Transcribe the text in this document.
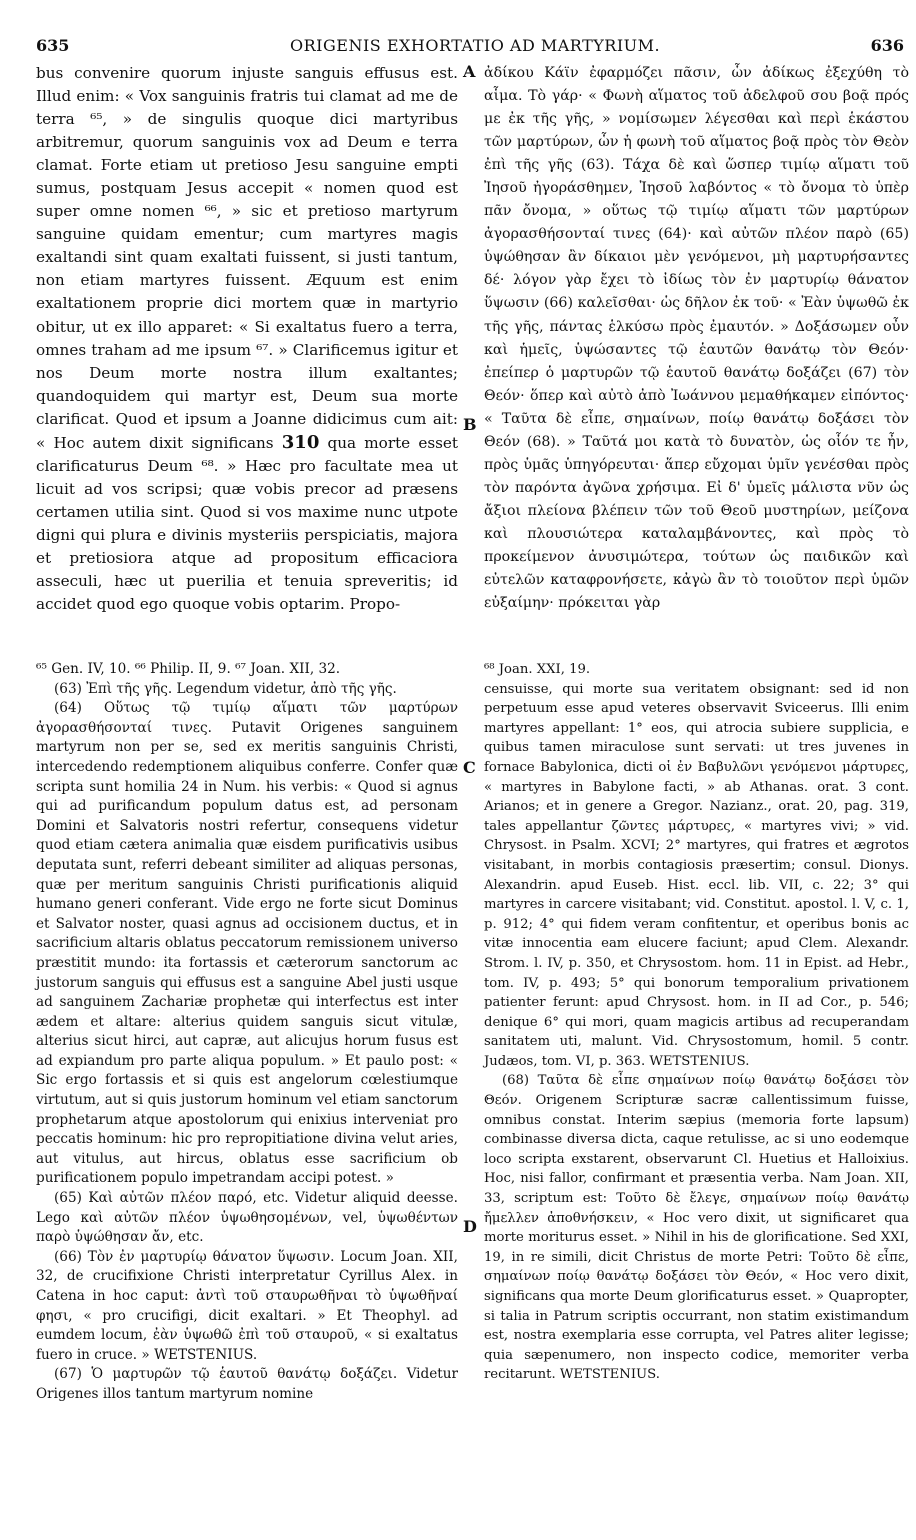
635	ORIGENIS EXHORTATIO AD MARTYRIUM.	636
A
B
C
D
bus convenire quorum injuste sanguis effusus est. Illud enim: « Vox sanguinis fratris tui clamat ad me de terra ⁶⁵, » de singulis quoque dici martyribus arbitremur, quorum sanguinis vox ad Deum e terra clamat. Forte etiam ut pretioso Jesu sanguine empti sumus, postquam Jesus accepit « nomen quod est super omne nomen ⁶⁶, » sic et pretioso martyrum sanguine quidam ementur; cum martyres magis exaltandi sint quam exaltati fuissent, si justi tantum, non etiam martyres fuissent. Æquum est enim exaltationem proprie dici mortem quæ in martyrio obitur, ut ex illo apparet: « Si exaltatus fuero a terra, omnes traham ad me ipsum ⁶⁷. » Clarificemus igitur et nos Deum morte nostra illum exaltantes; quandoquidem qui martyr est, Deum sua morte clarificat. Quod et ipsum a Joanne didicimus cum ait: « Hoc autem dixit significans 310 qua morte esset clarificaturus Deum ⁶⁸. » Hæc pro facultate mea ut licuit ad vos scripsi; quæ vobis precor ad præsens certamen utilia sint. Quod si vos maxime nunc utpote digni qui plura e divinis mysteriis perspiciatis, majora et pretiosiora atque ad propositum efficaciora asseculi, hæc ut puerilia et tenuia spreveritis; id accidet quod ego quoque vobis optarim. Propo-
ἀδίκου Κάϊν ἐφαρμόζει πᾶσιν, ὧν ἀδίκως ἐξεχύθη τὸ αἷμα. Τὸ γάρ· « Φωνὴ αἵματος τοῦ ἀδελφοῦ σου βοᾷ πρός με ἐκ τῆς γῆς, » νομίσωμεν λέγεσθαι καὶ περὶ ἑκάστου τῶν μαρτύρων, ὧν ἡ φωνὴ τοῦ αἵματος βοᾷ πρὸς τὸν Θεὸν ἐπὶ τῆς γῆς (63). Τάχα δὲ καὶ ὥσπερ τιμίῳ αἵματι τοῦ Ἰησοῦ ἠγοράσθημεν, Ἰησοῦ λαβόντος « τὸ ὄνομα τὸ ὑπὲρ πᾶν ὄνομα, » οὕτως τῷ τιμίῳ αἵματι τῶν μαρτύρων ἀγορασθήσονταί τινες (64)· καὶ αὐτῶν πλέον παρὸ (65) ὑψώθησαν ἂν δίκαιοι μὲν γενόμενοι, μὴ μαρτυρήσαντες δέ· λόγον γὰρ ἔχει τὸ ἰδίως τὸν ἐν μαρτυρίῳ θάνατον ὕψωσιν (66) καλεῖσθαι· ὡς δῆλον ἐκ τοῦ· « Ἐὰν ὑψωθῶ ἐκ τῆς γῆς, πάντας ἑλκύσω πρὸς ἐμαυτόν. » Δοξάσωμεν οὖν καὶ ἡμεῖς, ὑψώσαντες τῷ ἑαυτῶν θανάτῳ τὸν Θεόν· ἐπείπερ ὁ μαρτυρῶν τῷ ἑαυτοῦ θανάτῳ δοξάζει (67) τὸν Θεόν· ὅπερ καὶ αὐτὸ ἀπὸ Ἰωάννου μεμαθήκαμεν εἰπόντος· « Ταῦτα δὲ εἶπε, σημαίνων, ποίῳ θανάτῳ δοξάσει τὸν Θεόν (68). » Ταῦτά μοι κατὰ τὸ δυνατὸν, ὡς οἷόν τε ἦν, πρὸς ὑμᾶς ὑπηγόρευται· ἅπερ εὔχομαι ὑμῖν γενέσθαι πρὸς τὸν παρόντα ἀγῶνα χρήσιμα. Εἰ δ' ὑμεῖς μάλιστα νῦν ὡς ἄξιοι πλείονα βλέπειν τῶν τοῦ Θεοῦ μυστηρίων, μείζονα καὶ πλουσιώτερα καταλαμβάνοντες, καὶ πρὸς τὸ προκείμενον ἀνυσιμώτερα, τούτων ὡς παιδικῶν καὶ εὐτελῶν καταφρονήσετε, κἀγὼ ἂν τὸ τοιοῦτον περὶ ὑμῶν εὐξαίμην· πρόκειται γὰρ

⁶⁵ Gen. IV, 10. ⁶⁶ Philip. II, 9. ⁶⁷ Joan. XII, 32.

(63) Ἐπὶ τῆς γῆς. Legendum videtur, ἀπὸ τῆς γῆς.

(64) Οὕτως τῷ τιμίῳ αἵματι τῶν μαρτύρων ἀγορασθήσονταί τινες. Putavit Origenes sanguinem martyrum non per se, sed ex meritis sanguinis Christi, intercedendo redemptionem aliquibus conferre. Confer quæ scripta sunt homilia 24 in Num. his verbis: « Quod si agnus qui ad purificandum populum datus est, ad personam Domini et Salvatoris nostri refertur, consequens videtur quod etiam cætera animalia quæ eisdem purificativis usibus deputata sunt, referri debeant similiter ad aliquas personas, quæ per meritum sanguinis Christi purificationis aliquid humano generi conferant. Vide ergo ne forte sicut Dominus et Salvator noster, quasi agnus ad occisionem ductus, et in sacrificium altaris oblatus peccatorum remissionem universo præstitit mundo: ita fortassis et cæterorum sanctorum ac justorum sanguis qui effusus est a sanguine Abel justi usque ad sanguinem Zachariæ prophetæ qui interfectus est inter ædem et altare: alterius quidem sanguis sicut vitulæ, alterius sicut hirci, aut capræ, aut alicujus horum fusus est ad expiandum pro parte aliqua populum. » Et paulo post: « Sic ergo fortassis et si quis est angelorum cœlestiumque virtutum, aut si quis justorum hominum vel etiam sanctorum prophetarum atque apostolorum qui enixius interveniat pro peccatis hominum: hic pro repropitiatione divina velut aries, aut vitulus, aut hircus, oblatus esse sacrificium ob purificationem populo impetrandam accipi potest. »

(65) Καὶ αὐτῶν πλέον παρό, etc. Videtur aliquid deesse. Lego καὶ αὐτῶν πλέον ὑψωθησομένων, vel, ὑψωθέντων παρὸ ὑψώθησαν ἄν, etc.

(66) Τὸν ἐν μαρτυρίῳ θάνατον ὕψωσιν. Locum Joan. XII, 32, de crucifixione Christi interpretatur Cyrillus Alex. in Catena in hoc caput: ἀντὶ τοῦ σταυρωθῆναι τὸ ὑψωθῆναί φησι, « pro crucifigi, dicit exaltari. » Et Theophyl. ad eumdem locum, ἐὰν ὑψωθῶ ἐπὶ τοῦ σταυροῦ, « si exaltatus fuero in cruce. » WETSTENIUS.

(67) Ὁ μαρτυρῶν τῷ ἑαυτοῦ θανάτῳ δοξάζει. Videtur Origenes illos tantum martyrum nomine

⁶⁸ Joan. XXI, 19.

censuisse, qui morte sua veritatem obsignant: sed id non perpetuum esse apud veteres observavit Sviceerus. Illi enim martyres appellant: 1° eos, qui atrocia subiere supplicia, e quibus tamen miraculose sunt servati: ut tres juvenes in fornace Babylonica, dicti οἱ ἐν Βαβυλῶνι γενόμενοι μάρτυρες, « martyres in Babylone facti, » ab Athanas. orat. 3 cont. Arianos; et in genere a Gregor. Nazianz., orat. 20, pag. 319, tales appellantur ζῶντες μάρτυρες, « martyres vivi; » vid. Chrysost. in Psalm. XCVI; 2° martyres, qui fratres et ægrotos visitabant, in morbis contagiosis præsertim; consul. Dionys. Alexandrin. apud Euseb. Hist. eccl. lib. VII, c. 22; 3° qui martyres in carcere visitabant; vid. Constitut. apostol. l. V, c. 1, p. 912; 4° qui fidem veram confitentur, et operibus bonis ac vitæ innocentia eam elucere faciunt; apud Clem. Alexandr. Strom. l. IV, p. 350, et Chrysostom. hom. 11 in Epist. ad Hebr., tom. IV, p. 493; 5° qui bonorum temporalium privationem patienter ferunt: apud Chrysost. hom. in II ad Cor., p. 546; denique 6° qui mori, quam magicis artibus ad recuperandam sanitatem uti, malunt. Vid. Chrysostomum, homil. 5 contr. Judæos, tom. VI, p. 363. WETSTENIUS.

(68) Ταῦτα δὲ εἶπε σημαίνων ποίῳ θανάτῳ δοξάσει τὸν Θεόν. Origenem Scripturæ sacræ callentissimum fuisse, omnibus constat. Interim sæpius (memoria forte lapsum) combinasse diversa dicta, caque retulisse, ac si uno eodemque loco scripta exstarent, observarunt Cl. Huetius et Halloixius. Hoc, nisi fallor, confirmant et præsentia verba. Nam Joan. XII, 33, scriptum est: Τοῦτο δὲ ἔλεγε, σημαίνων ποίῳ θανάτῳ ἤμελλεν ἀποθνήσκειν, « Hoc vero dixit, ut significaret qua morte moriturus esset. » Nihil in his de glorificatione. Sed XXI, 19, in re simili, dicit Christus de morte Petri: Τοῦτο δὲ εἶπε, σημαίνων ποίῳ θανάτῳ δοξάσει τὸν Θεόν, « Hoc vero dixit, significans qua morte Deum glorificaturus esset. » Quapropter, si talia in Patrum scriptis occurrant, non statim existimandum est, nostra exemplaria esse corrupta, vel Patres aliter legisse; quia sæpenumero, non inspecto codice, memoriter verba recitarunt. WETSTENIUS.
